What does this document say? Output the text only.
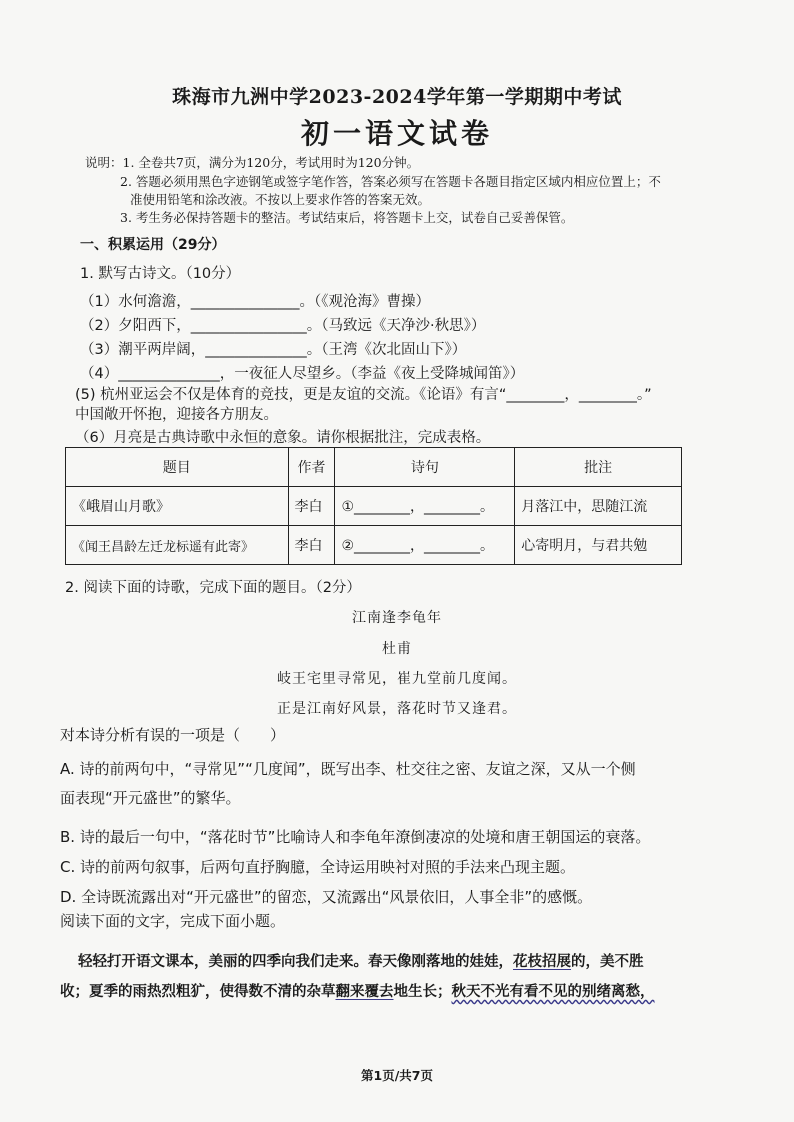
珠海市九洲中学2023-2024学年第一学期期中考试
初一语文试卷
说明：1. 全卷共7页，满分为120分，考试用时为120分钟。
2. 答题必须用黑色字迹钢笔或签字笔作答，答案必须写在答题卡各题目指定区域内相应位置上；不
准使用铅笔和涂改液。不按以上要求作答的答案无效。
3. 考生务必保持答题卡的整洁。考试结束后，将答题卡上交，试卷自己妥善保管。
一、积累运用（29分）
1. 默写古诗文。（10分）
（1）水何澹澹，_______________。（《观沧海》曹操）
（2）夕阳西下，________________。（马致远《天净沙·秋思》）
（3）潮平两岸阔，______________。（王湾《次北固山下》）
（4）______________，一夜征人尽望乡。（李益《夜上受降城闻笛》）
(5) 杭州亚运会不仅是体育的竞技，更是友谊的交流。《论语》有言“________，________。”
中国敞开怀抱，迎接各方朋友。
（6）月亮是古典诗歌中永恒的意象。请你根据批注，完成表格。
题目	作者	诗句	批注
《峨眉山月歌》	李白	①________，________。	月落江中，思随江流
《闻王昌龄左迁龙标遥有此寄》	李白	②________，________。	心寄明月，与君共勉
2. 阅读下面的诗歌，完成下面的题目。（2分）
江南逢李龟年
杜甫
岐王宅里寻常见，崔九堂前几度闻。
正是江南好风景，落花时节又逢君。
对本诗分析有误的一项是（　　）
A. 诗的前两句中，“寻常见”“几度闻”，既写出李、杜交往之密、友谊之深，又从一个侧
面表现“开元盛世”的繁华。
B. 诗的最后一句中，“落花时节”比喻诗人和李龟年潦倒凄凉的处境和唐王朝国运的衰落。
C. 诗的前两句叙事，后两句直抒胸臆，全诗运用映衬对照的手法来凸现主题。
D. 全诗既流露出对“开元盛世”的留恋，又流露出“风景依旧，人事全非”的感慨。
阅读下面的文字，完成下面小题。
轻轻打开语文课本，美丽的四季向我们走来。春天像刚落地的娃娃，花枝招展的，美不胜
收；夏季的雨热烈粗犷，使得数不清的杂草翻来覆去地生长；秋天不光有看不见的别绪离愁，
第1页/共7页
